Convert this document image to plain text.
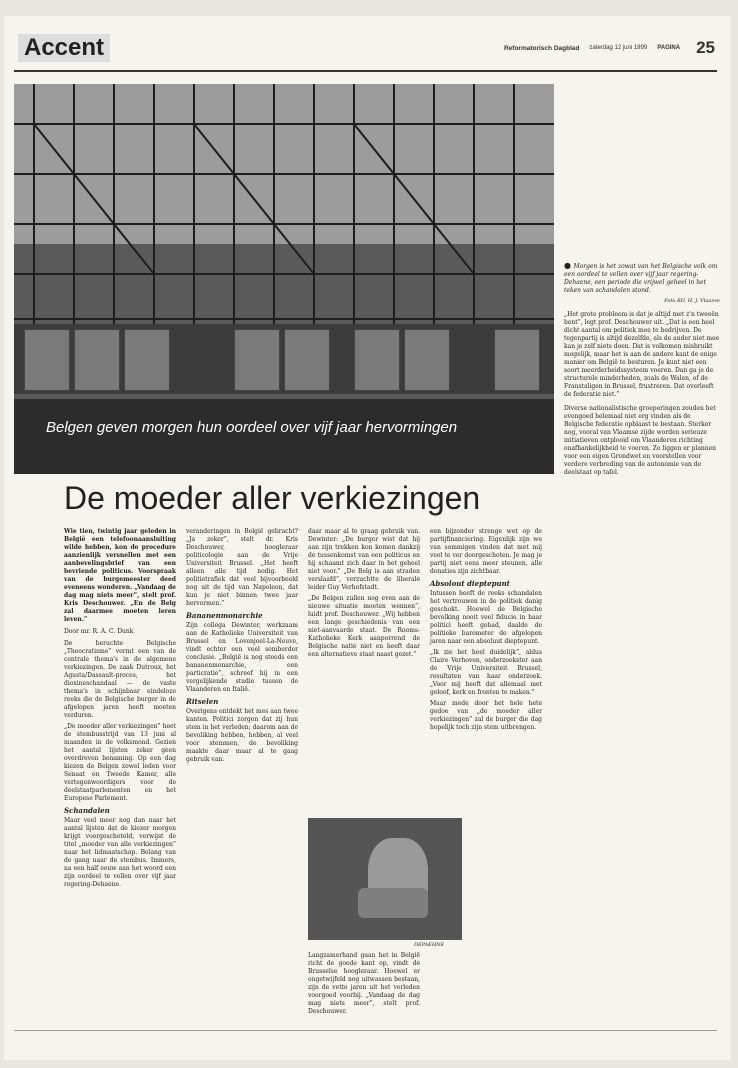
Accent	Reformatorisch Dagblad zaterdag 12 juni 1999 PAGINA 25
Belgen geven morgen hun oordeel over vijf jaar hervormingen
● Morgen is het zowat van het Belgische volk om een oordeel te vellen over vijf jaar regering-Dehaene, een periode die vrijwel geheel in het teken van schandalen stond.
Foto RD, H. J. Vlaanse

„Het grote probleem is dat je altijd met z'n tweeën bent”, legt prof. Deschouwer uit. „Dat is een heel dicht aantal om politiek mee te bedrijven. De tegenpartij is altijd dezelfde, als de ander niet mee kan je zelf niets doen. Dat is volkomen misbruikt mogelijk, maar het is aan de andere kant de enige manier om België te besturen. Je kunt niet een soort meerderheidssysteem voeren. Dan ga je de structurele minderheden, zoals de Walen, of de Franstaligen in Brussel, frustreren. Dat overleeft de federatie niet.”

Diverse nationalistische groeperingen zouden het evengoed helemaal niet erg vinden als de Belgische federatie opblaast te bestaan. Sterker nog, vooral van Vlaamse zijde worden serieuze initiatieven ontplooid om Vlaanderen richting onafhankelijkheid te voeren. Zo liggen er plannen voor een eigen Grondwet en voorstellen voor verdere verbreding van de autonomie van de deelstaat op tafel.

De moeder aller verkiezingen

Wie tien, twintig jaar geleden in België een telefoonaansluiting wilde hebben, kon de procedure aanzienlijk versnellen met een aanbevelingsbrief van een bevriende politicus. Voorspraak van de burgemeester deed eveneens wonderen. „Vandaag de dag mag niets meer”, stelt prof. Kris Deschouwer. „En de Belg zal daarmee moeten leren leven.”

Door mr. R. A. C. Dunk

De beruchte Belgische „Theocratisme” vormt een van de centrale thema's in de algemene verkiezingen. De zaak Dutroux, het Agusta/Dassault-proces, het dioxineschandaal — de vaste thema's in schijnbaar eindeloze reeks die de Belgische burger in de afgelopen jaren heeft moeten verduren.

„De moeder aller verkiezingen” heet de stembusstrijd van 13 juni al maanden in de volksmond. Gezien het aantal lijsten zeker geen overdreven benaming. Op een dag kiezen de Belgen zowel leden voor Senaat en Tweede Kamer, alle vertegenwoordigers voor de deelstaatparlementen en het Europese Parlement.

Schandalen

Maar veel meer nog dan naar het aantal lijsten dat de kiezer morgen krijgt voorgeschoteld, verwijst de titel „moeder van alle verkiezingen” naar het lidmaatschap. Belang van de gang naar de stembus. Immers, na een half eeuw aan het woord een zijn oordeel te vellen over vijf jaar regering-Dehaene.

veranderingen in België gebracht? „Ja zeker”, stelt dr. Kris Deschouwer, hoogleraar politicologie aan de Vrije Universiteit Brussel. „Het heeft alleen alle tijd nodig. Het politietrafiek dat veel bijvoorbeeld nog uit de tijd van Napoleon, dat kun je niet binnen twee jaar hervormen.”

Bananenmonarchie

Zijn collega Dewinter, werkzaam aan de Katholieke Universiteit van Brussel en Lovenjoel-La-Neuve, vindt echter een veel somberder conclusie. „België is nog steeds een bananenmonarchie, een particratie”, schreef hij in een vergelijkende studie tussen de Vlaanderen en Italië.

Ritselen

Overigens ontdekt het mes aan twee kanten. Politici zorgen dat zij hun stem in het verleden; daarom aan de bevoliking hebben, hebben, al veel voor stemmen, de bevoliking maakte daar maar al te gaag gebruik van.

daar maar al te graag gebruik van. Dewinter: „De burger wist dat hij aan zijn trekken kon komen dankzij de tussenkomst van een politicus en hij schaamt zich daar in het geheel niet voor.” „De Belg is aan straden verslaafd”, verzuchtte de liberale leider Guy Verhofstadt.

„De Belgen zullen nog even aan de nieuwe situatie moeten wennen”, luidt prof. Deschouwer. „Wij hebben een lange geschiedenis van een niet-aanvaarde staat. De Rooms-Katholieke Kerk aanporrend de Belgische natie niet en heeft daar een alternatieve staat naast gezet.”

DEPAEHNE

Langzamerhand gaan het in België richt de goede kant op, vindt de Brusselse hoogleraar. Hoewel er ongetwijfeld nog uitwassen bestaan, zijn de vette jaren uit het verleden voorgoed voorbij. „Vandaag de dag mag niets meer”, stelt prof. Deschouwer.

een bijzonder strenge wet op de partijfinanciering. Eigenlijk zijn we van sommigen vinden dat met mij veel te ver doorgeschoten. Je mag je partij niet eens meer steunen, alle donaties zijn zichtbaar.

Absolout dieptepunt

Intussen heeft de reeks schandalen het vertrouwen in de politiek danig geschokt. Hoewel de Belgische bevolking nooit veel fiducie in haar politici heeft gehad, daalde de politieke barometer de afgelopen jaren naar een absoluut dieptepunt.

„Ik zie het heel duidelijk”, aldus Claire Verhoven, onderzoekster aan de Vrije Universiteit Brussel, resultaten van haar onderzoek. „Voor mij heeft dat allemaal met geloof, kerk en fronten te maken.”

Maar mede door het hele hete gedoe van „de moeder aller verkiezingen” zal de burger die dag hopelijk toch zijn stem uitbrengen.
